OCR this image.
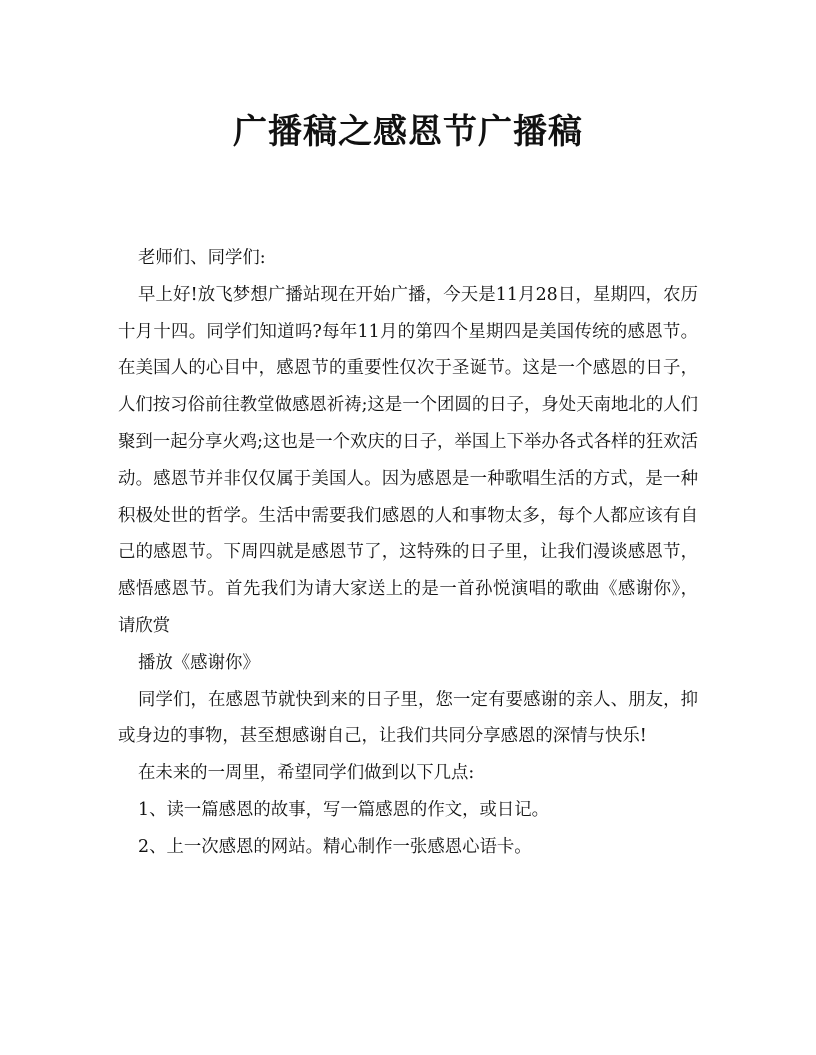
广播稿之感恩节广播稿

老师们、同学们:

早上好!放飞梦想广播站现在开始广播，今天是11月28日，星期四，农历十月十四。同学们知道吗?每年11月的第四个星期四是美国传统的感恩节。在美国人的心目中，感恩节的重要性仅次于圣诞节。这是一个感恩的日子，人们按习俗前往教堂做感恩祈祷;这是一个团圆的日子，身处天南地北的人们聚到一起分享火鸡;这也是一个欢庆的日子，举国上下举办各式各样的狂欢活动。感恩节并非仅仅属于美国人。因为感恩是一种歌唱生活的方式，是一种积极处世的哲学。生活中需要我们感恩的人和事物太多，每个人都应该有自己的感恩节。下周四就是感恩节了，这特殊的日子里，让我们漫谈感恩节，感悟感恩节。首先我们为请大家送上的是一首孙悦演唱的歌曲《感谢你》，请欣赏

播放《感谢你》

同学们，在感恩节就快到来的日子里，您一定有要感谢的亲人、朋友，抑或身边的事物，甚至想感谢自己，让我们共同分享感恩的深情与快乐!

在未来的一周里，希望同学们做到以下几点:

1、读一篇感恩的故事，写一篇感恩的作文，或日记。

2、上一次感恩的网站。精心制作一张感恩心语卡。
